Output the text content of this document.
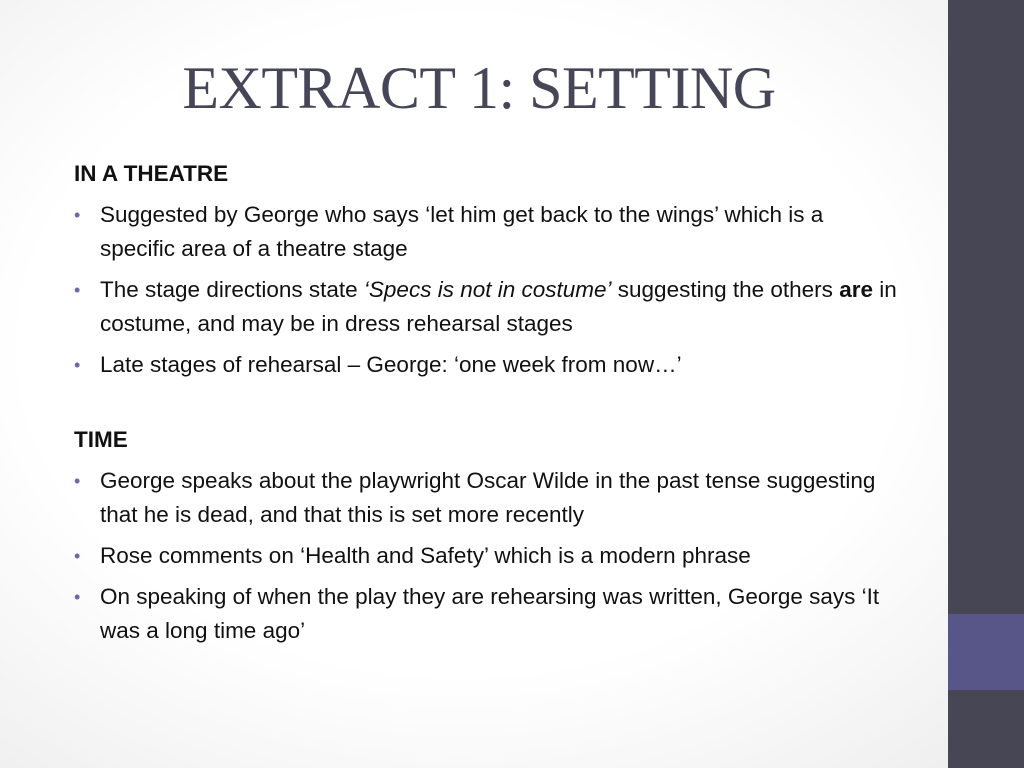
EXTRACT 1: SETTING
IN A THEATRE
• Suggested by George who says ‘let him get back to the wings’ which is a specific area of a theatre stage
• The stage directions state ‘Specs is not in costume’ suggesting the others are in costume, and may be in dress rehearsal stages
• Late stages of rehearsal – George: ‘one week from now…’
TIME
• George speaks about the playwright Oscar Wilde in the past tense suggesting that he is dead, and that this is set more recently
• Rose comments on ‘Health and Safety’ which is a modern phrase
• On speaking of when the play they are rehearsing was written, George says ‘It was a long time ago’
